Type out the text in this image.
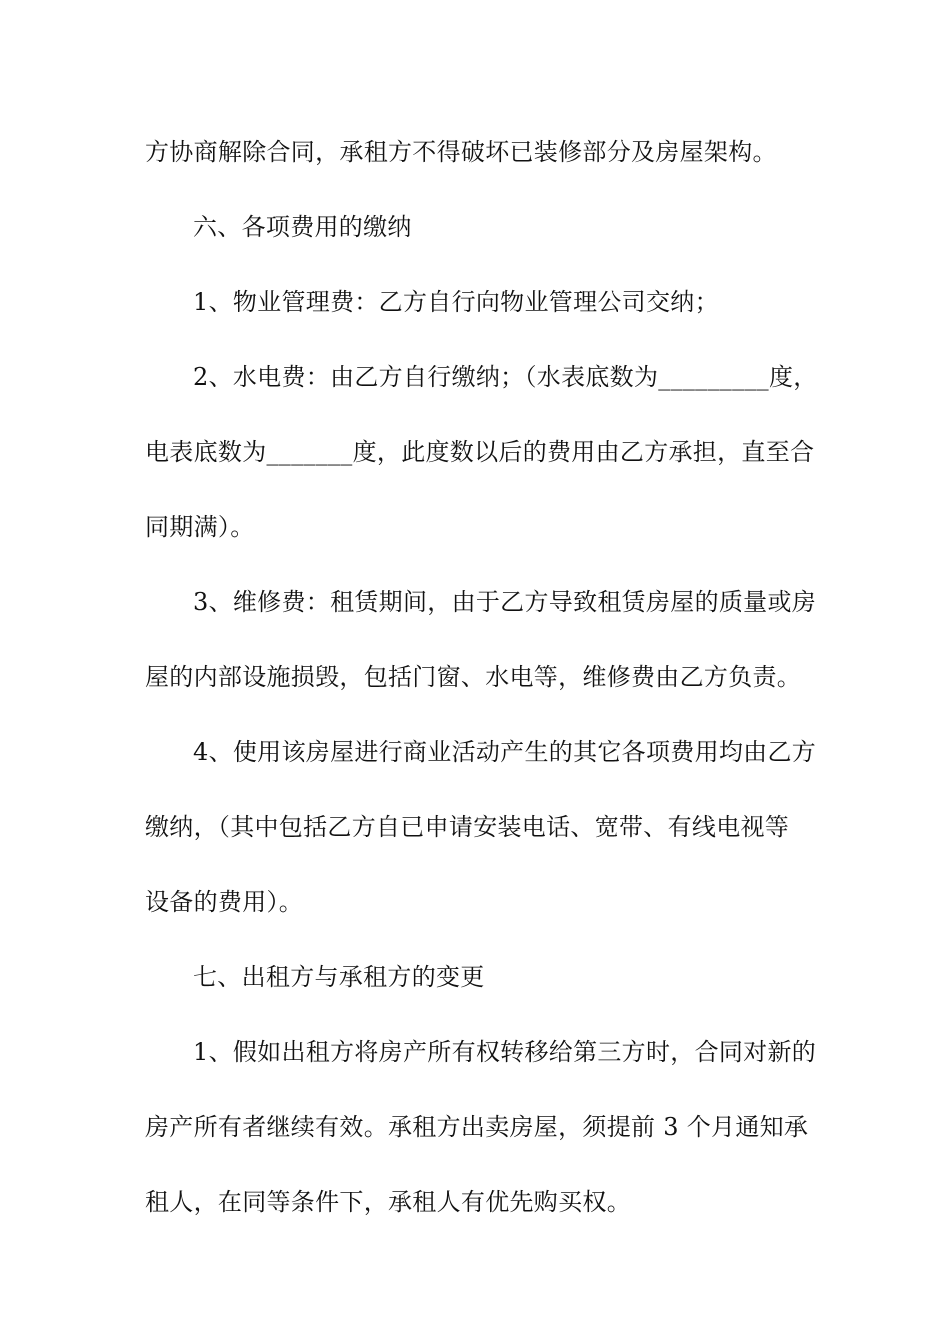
方协商解除合同，承租方不得破坏已装修部分及房屋架构。
六、各项费用的缴纳
1、物业管理费：乙方自行向物业管理公司交纳；
2、水电费：由乙方自行缴纳；（水表底数为_________度，
电表底数为_______度，此度数以后的费用由乙方承担，直至合
同期满）。
3、维修费：租赁期间，由于乙方导致租赁房屋的质量或房
屋的内部设施损毁，包括门窗、水电等，维修费由乙方负责。
4、使用该房屋进行商业活动产生的其它各项费用均由乙方
缴纳，（其中包括乙方自已申请安装电话、宽带、有线电视等
设备的费用）。
七、出租方与承租方的变更
1、假如出租方将房产所有权转移给第三方时，合同对新的
房产所有者继续有效。承租方出卖房屋，须提前 3 个月通知承
租人，在同等条件下，承租人有优先购买权。
